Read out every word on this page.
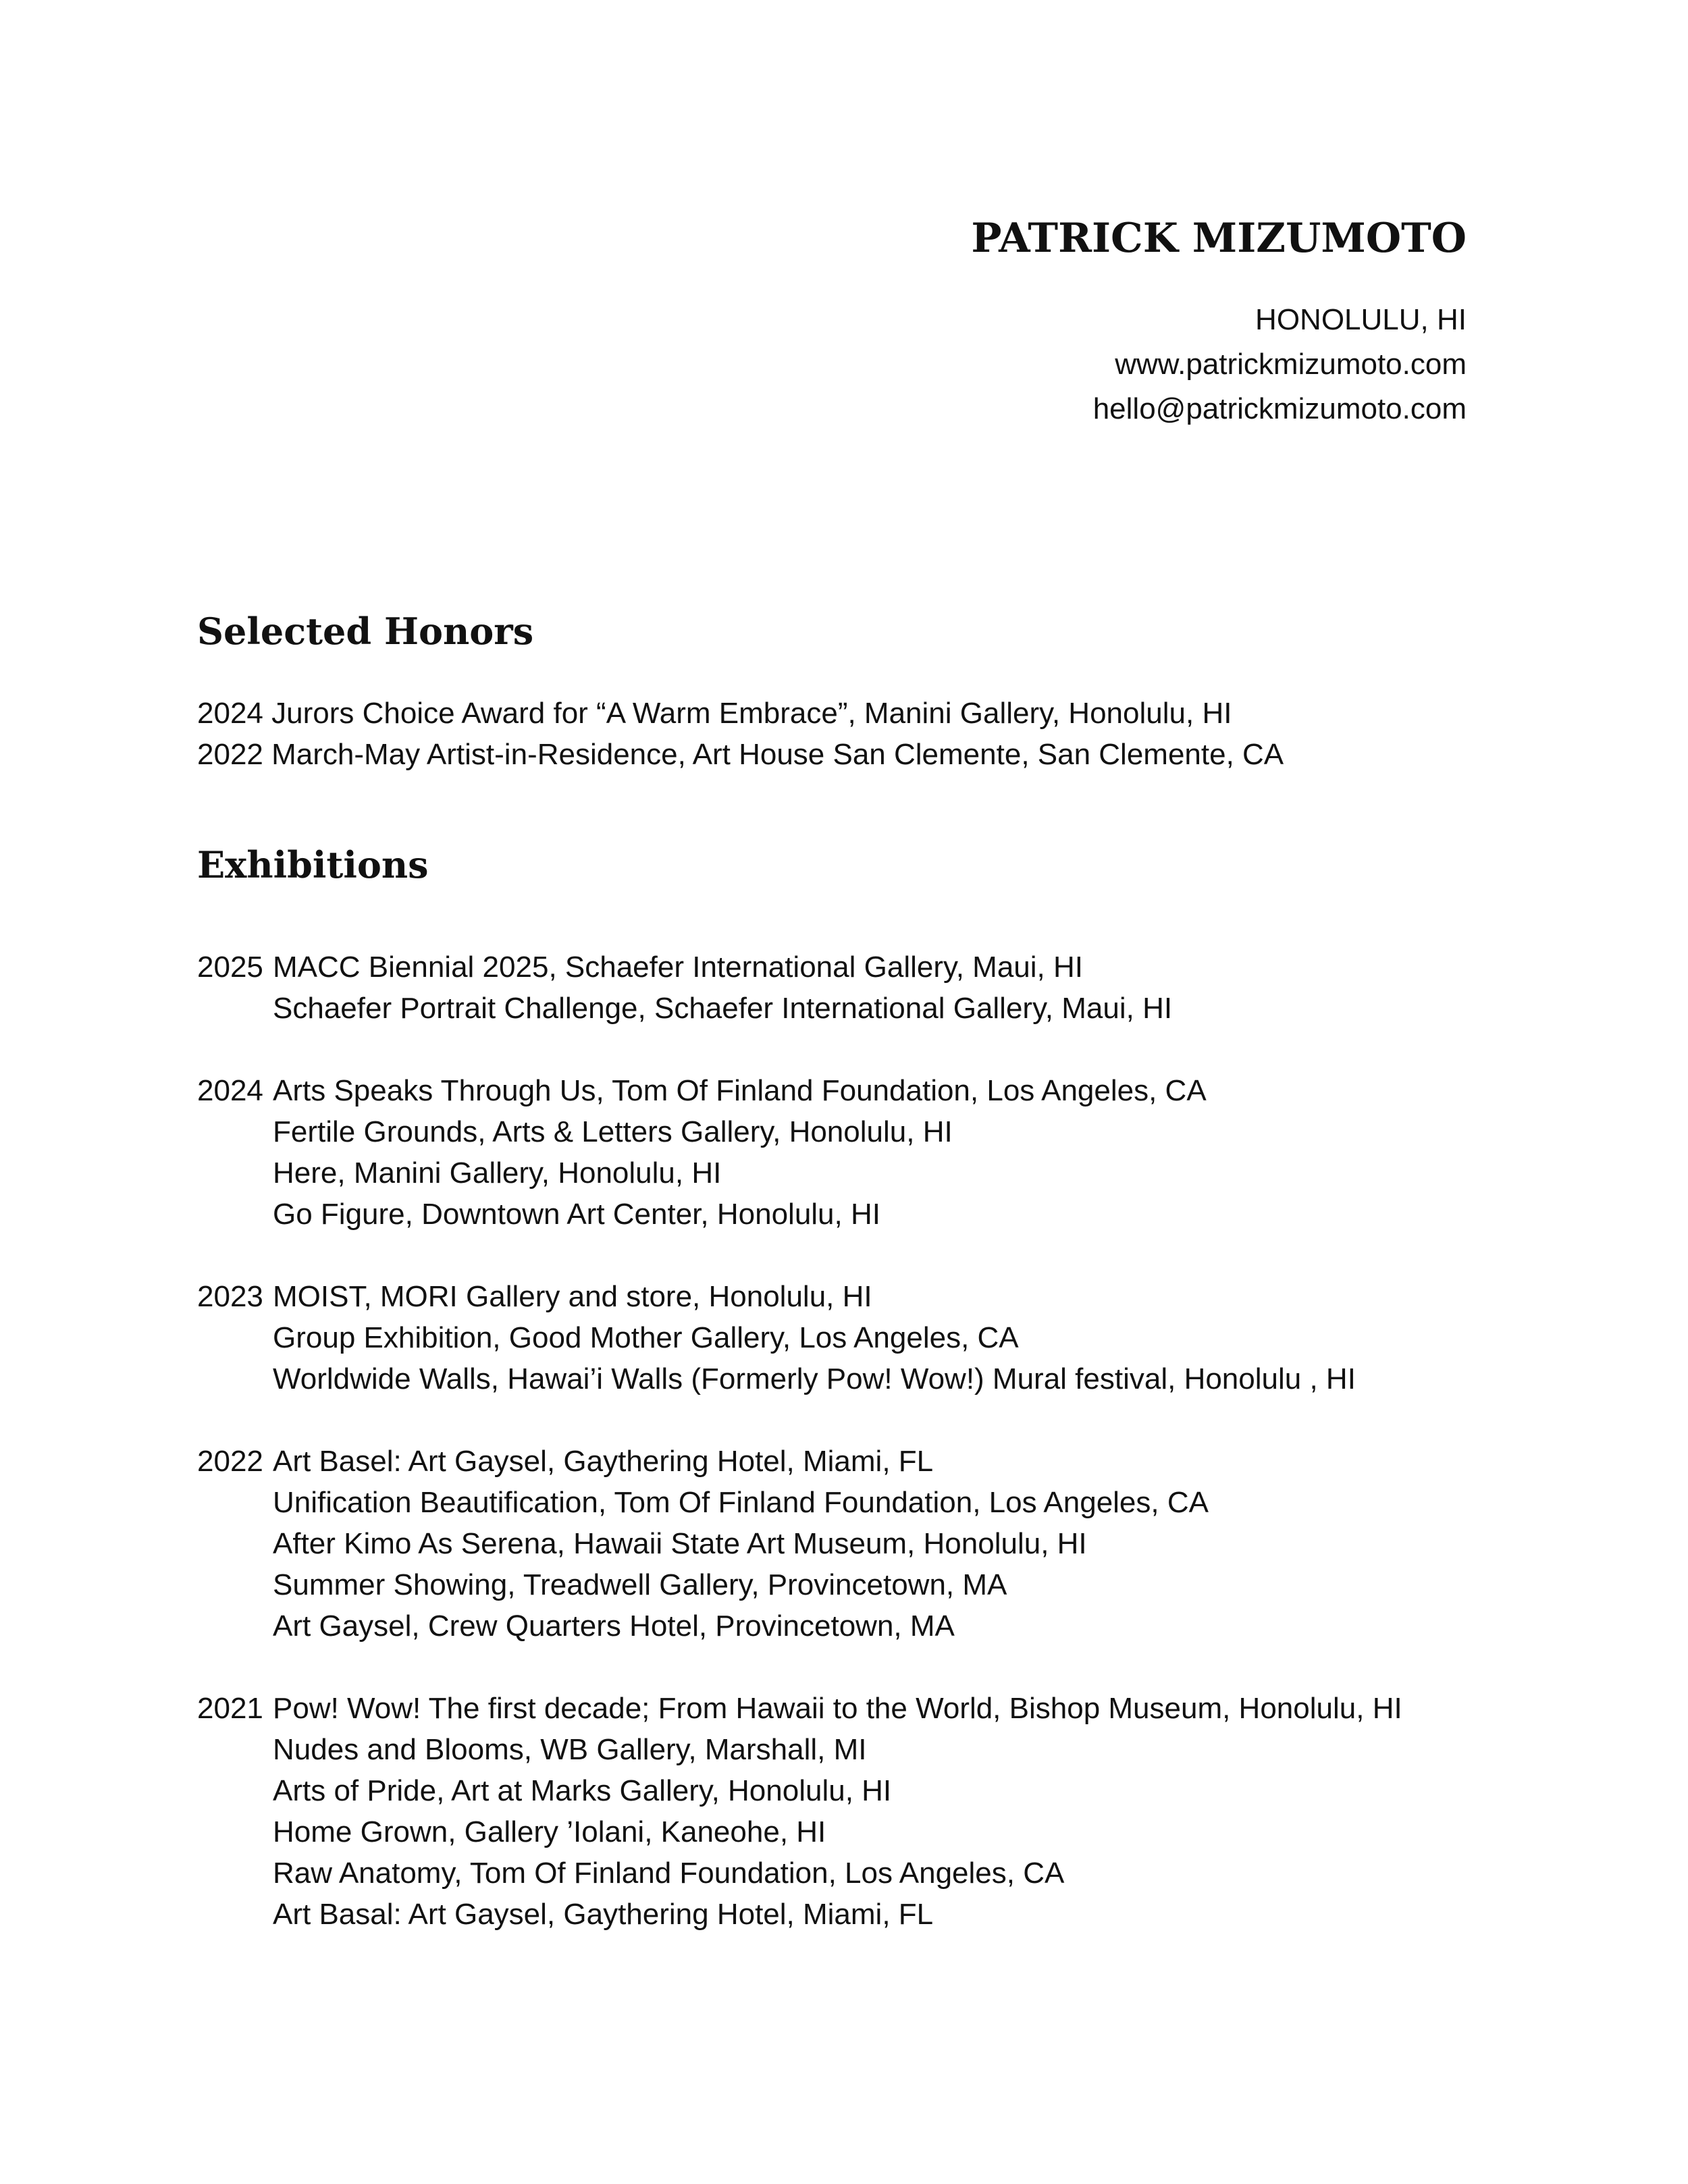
PATRICK MIZUMOTO

HONOLULU, HI

www.patrickmizumoto.com

hello@patrickmizumoto.com

Selected Honors

2024 Jurors Choice Award for “A Warm Embrace”, Manini Gallery, Honolulu, HI

2022 March-May Artist-in-Residence, Art House San Clemente, San Clemente, CA

Exhibitions
2025 MACC Biennial 2025, Schaefer International Gallery, Maui, HI
Schaefer Portrait Challenge, Schaefer International Gallery, Maui, HI
2024 Arts Speaks Through Us, Tom Of Finland Foundation, Los Angeles, CA
Fertile Grounds, Arts & Letters Gallery, Honolulu, HI
Here, Manini Gallery, Honolulu, HI
Go Figure, Downtown Art Center, Honolulu, HI
2023 MOIST, MORI Gallery and store, Honolulu, HI
Group Exhibition, Good Mother Gallery, Los Angeles, CA
Worldwide Walls, Hawai’i Walls (Formerly Pow! Wow!) Mural festival, Honolulu , HI
2022 Art Basel: Art Gaysel, Gaythering Hotel, Miami, FL
Unification Beautification, Tom Of Finland Foundation, Los Angeles, CA
After Kimo As Serena, Hawaii State Art Museum, Honolulu, HI
Summer Showing, Treadwell Gallery, Provincetown, MA
Art Gaysel, Crew Quarters Hotel, Provincetown, MA
2021 Pow! Wow! The first decade; From Hawaii to the World, Bishop Museum, Honolulu, HI
Nudes and Blooms, WB Gallery, Marshall, MI
Arts of Pride, Art at Marks Gallery, Honolulu, HI
Home Grown, Gallery ’Iolani, Kaneohe, HI
Raw Anatomy, Tom Of Finland Foundation, Los Angeles, CA
Art Basal: Art Gaysel, Gaythering Hotel, Miami, FL
